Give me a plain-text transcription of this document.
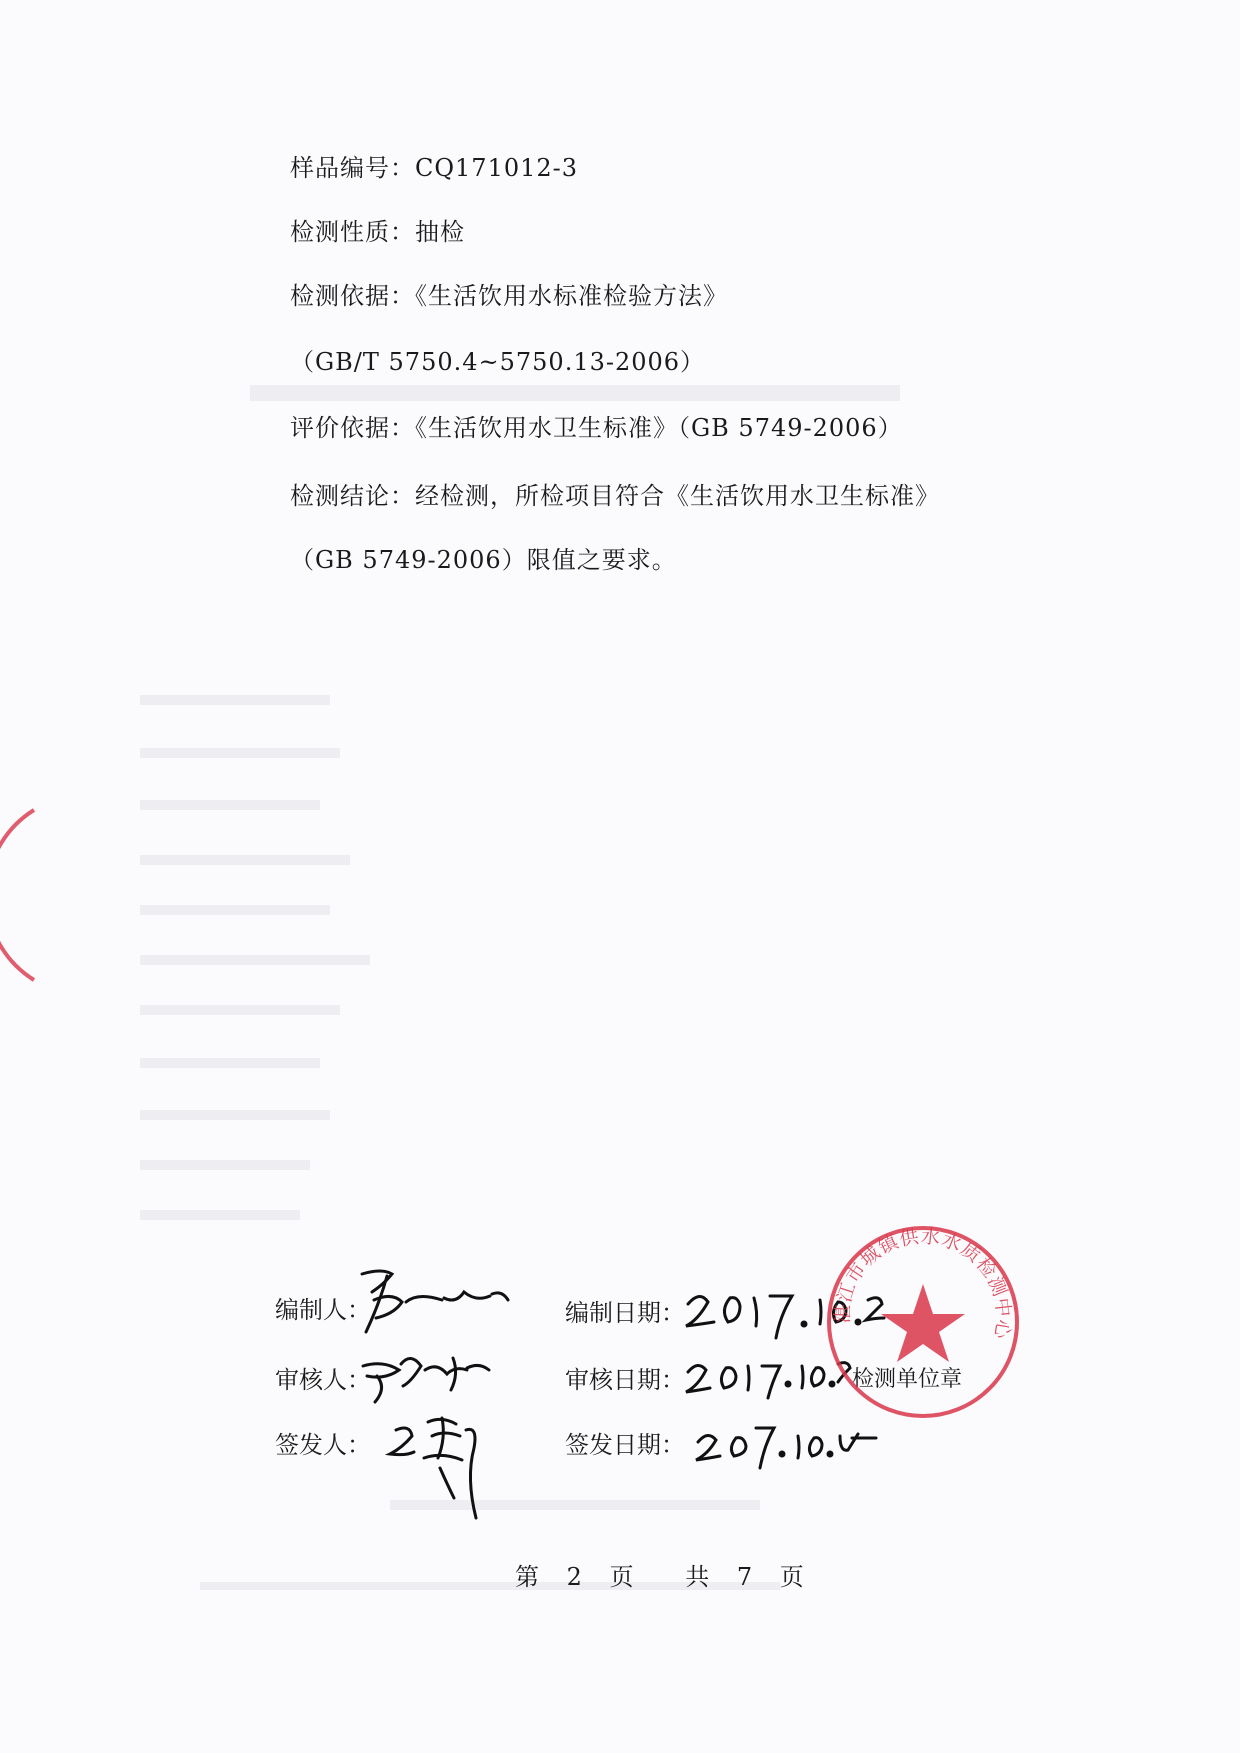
样品编号：CQ171012-3
检测性质：抽检
检测依据：《生活饮用水标准检验方法》
（GB/T 5750.4~5750.13-2006）
评价依据：《生活饮用水卫生标准》（GB 5749-2006）
检测结论：经检测，所检项目符合《生活饮用水卫生标准》
（GB 5749-2006）限值之要求。
编制人：	编制日期：
审核人：	审核日期：
签发人：	签发日期：
检测单位章
湛江市城镇供水水质检测中心
第 2 页 共 7 页
